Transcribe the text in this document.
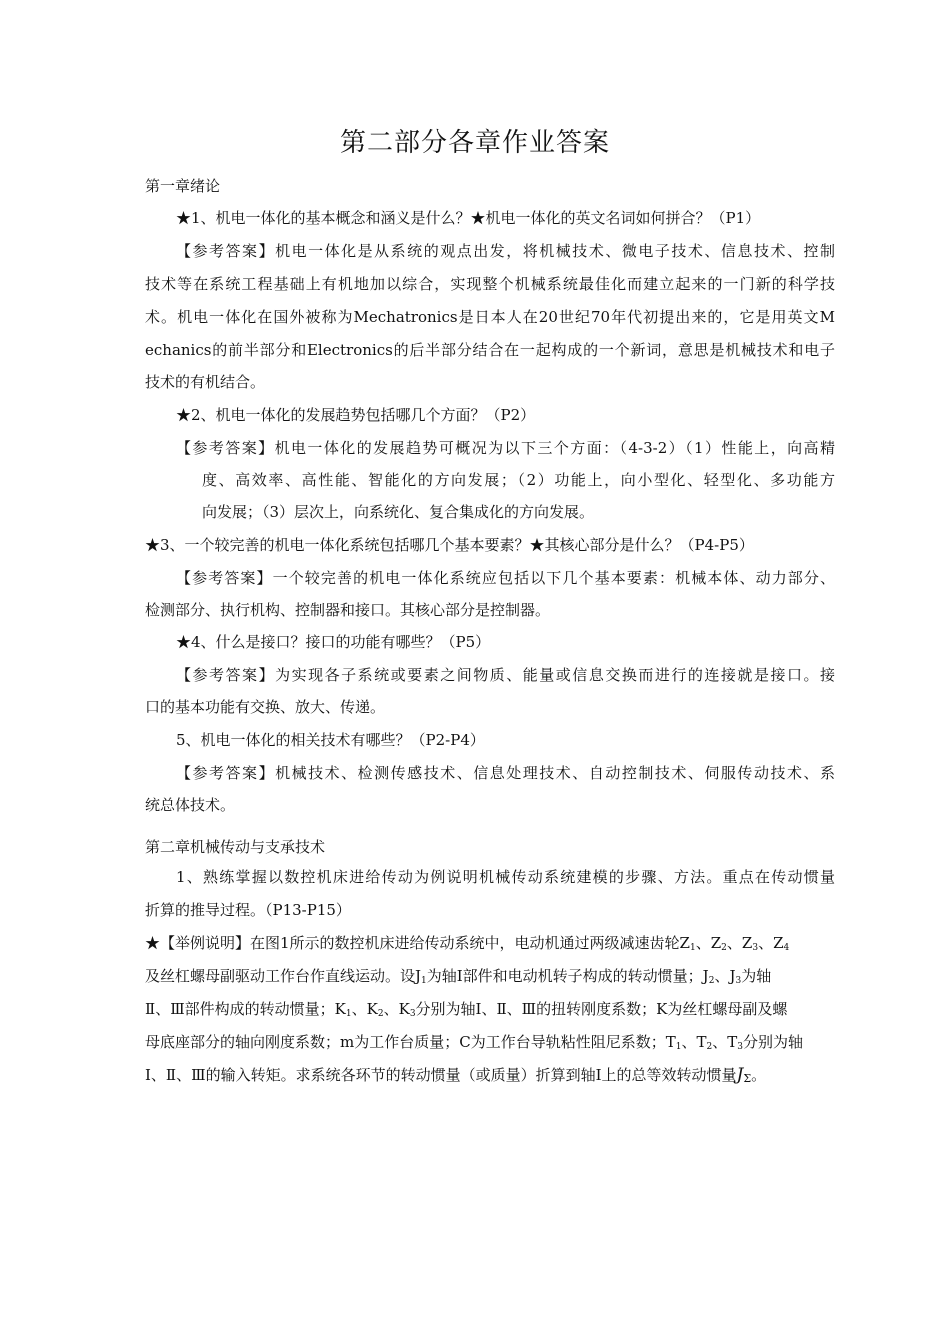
第二部分各章作业答案
第一章绪论
★1、机电一体化的基本概念和涵义是什么？★机电一体化的英文名词如何拼合？（P1）
【参考答案】机电一体化是从系统的观点出发，将机械技术、微电子技术、信息技术、控制
技术等在系统工程基础上有机地加以综合，实现整个机械系统最佳化而建立起来的一门新的科学技
术。机电一体化在国外被称为Mechatronics是日本人在20世纪70年代初提出来的，它是用英文M
echanics的前半部分和Electronics的后半部分结合在一起构成的一个新词，意思是机械技术和电子
技术的有机结合。
★2、机电一体化的发展趋势包括哪几个方面？（P2）
【参考答案】机电一体化的发展趋势可概况为以下三个方面：（4-3-2）（1）性能上，向高精
度、高效率、高性能、智能化的方向发展；（2）功能上，向小型化、轻型化、多功能方
向发展；（3）层次上，向系统化、复合集成化的方向发展。
★3、一个较完善的机电一体化系统包括哪几个基本要素？★其核心部分是什么？（P4-P5）
【参考答案】一个较完善的机电一体化系统应包括以下几个基本要素：机械本体、动力部分、
检测部分、执行机构、控制器和接口。其核心部分是控制器。
★4、什么是接口？接口的功能有哪些？（P5）
【参考答案】为实现各子系统或要素之间物质、能量或信息交换而进行的连接就是接口。接
口的基本功能有交换、放大、传递。
5、机电一体化的相关技术有哪些？（P2-P4）
【参考答案】机械技术、检测传感技术、信息处理技术、自动控制技术、伺服传动技术、系
统总体技术。
第二章机械传动与支承技术
1、熟练掌握以数控机床进给传动为例说明机械传动系统建模的步骤、方法。重点在传动惯量
折算的推导过程。（P13-P15）
★【举例说明】在图1所示的数控机床进给传动系统中，电动机通过两级减速齿轮$Z_1$、$Z_2$、$Z_3$、$Z_4$
及丝杠螺母副驱动工作台作直线运动。设$J_1$为轴Ⅰ部件和电动机转子构成的转动惯量；$J_2$、$J_3$为轴
Ⅱ、Ⅲ部件构成的转动惯量；$K_1$、$K_2$、$K_3$分别为轴Ⅰ、Ⅱ、Ⅲ的扭转刚度系数；K为丝杠螺母副及螺
母底座部分的轴向刚度系数；m为工作台质量；C为工作台导轨粘性阻尼系数；$T_1$、$T_2$、$T_3$分别为轴
Ⅰ、Ⅱ、Ⅲ的输入转矩。求系统各环节的转动惯量（或质量）折算到轴Ⅰ上的总等效转动惯量$J_\Sigma$。
